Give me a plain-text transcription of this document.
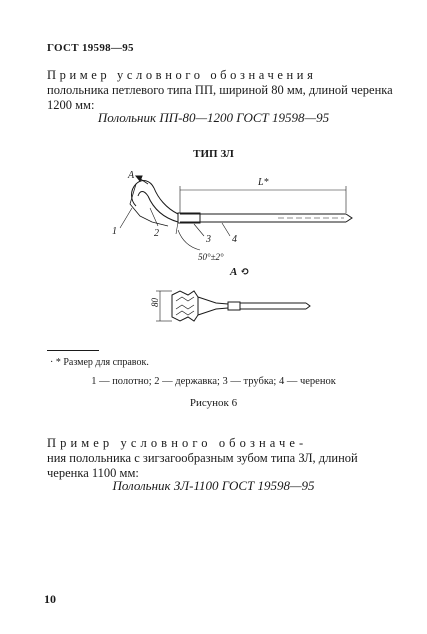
ГОСТ 19598—95
Пример условного обозначения
полольника петлевого типа ПП, шириной 80 мм, длиной черенка
1200 мм:
Полольник ПП-80—1200 ГОСТ 19598—95
ТИП ЗЛ
А
L*
1	2
3 4
50°±2°
А ⟲
80
· * Размер для справок.
1 — полотно; 2 — державка; 3 — трубка; 4 — черенок
Рисунок 6
Пример условного обозначе-
ния полольника с зигзагообразным зубом типа ЗЛ, длиной
черенка 1100 мм:
Полольник ЗЛ-1100 ГОСТ 19598—95
10
